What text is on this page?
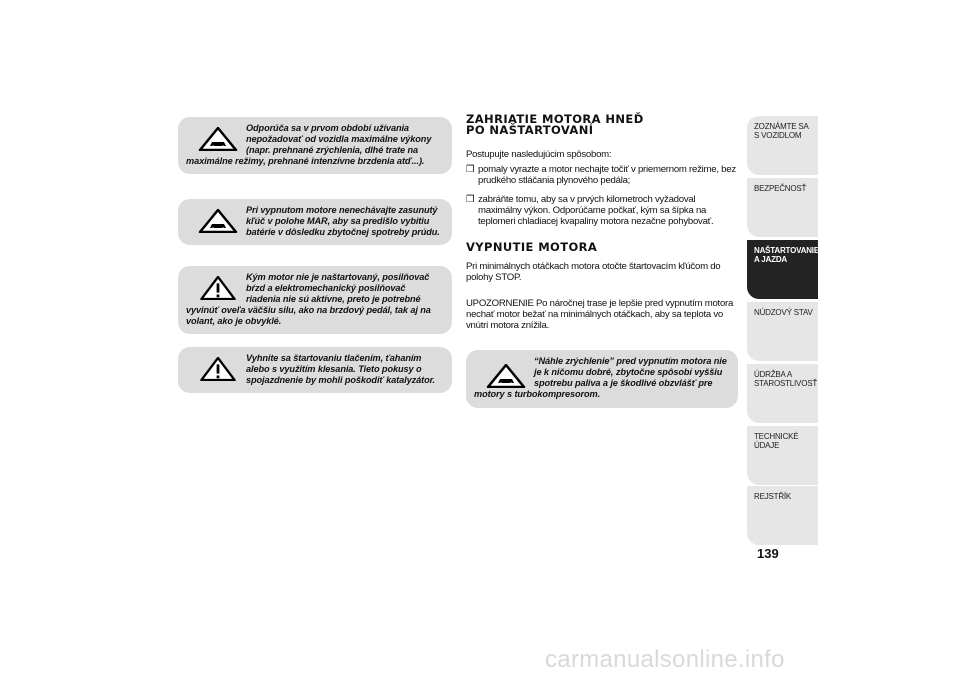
Odporúča sa v prvom období užívania nepožadovať od vozidla maximálne výkony (napr. prehnané zrýchlenia, dlhé trate na maximálne režimy, prehnané intenzívne brzdenia atď...).
Pri vypnutom motore nenechávajte zasunutý kľúč v polohe MAR, aby sa predišlo vybitiu batérie v dôsledku zbytočnej spotreby prúdu.
Kým motor nie je naštartovaný, posilňovač bŕzd a elektromechanický posilňovač riadenia nie sú aktívne, preto je potrebné vyvinúť oveľa väčšiu silu, ako na brzdový pedál, tak aj na volant, ako je obvyklé.
Vyhnite sa štartovaniu tlačením, ťahaním alebo s využitím klesania. Tieto pokusy o spojazdnenie by mohli poškodiť katalyzátor.
ZAHRIATIE MOTORA HNEĎ
PO NAŠTARTOVANÍ

Postupujte nasledujúcim spôsobom:

❒ pomaly vyrazte a motor nechajte točiť v priemernom režime, bez prudkého stláčania plynového pedála;
❒ zabráňte tomu, aby sa v prvých kilometroch vyžadoval maximálny výkon. Odporúčame počkať, kým sa šípka na teplomeri chladiacej kvapaliny motora nezačne pohybovať.
VYPNUTIE MOTORA

Pri minimálnych otáčkach motora otočte štartovacím kľúčom do polohy STOP.

UPOZORNENIE Po náročnej trase je lepšie pred vypnutím motora nechať motor bežať na minimálnych otáčkach, aby sa teplota vo vnútri motora znížila.

“Náhle zrýchlenie” pred vypnutím motora nie je k ničomu dobré, zbytočne spôsobí vyššiu spotrebu paliva a je škodlivé obzvlášť pre motory s turbokompresorom.
ZOZNÁMTE SA S VOZIDLOM
BEZPEČNOSŤ
NAŠTARTOVANIE A JAZDA
NÚDZOVÝ STAV
ÚDRŽBA A STAROSTLIVOSŤ
TECHNICKÉ ÚDAJE
REJSTŘÍK
139
carmanualsonline.info
